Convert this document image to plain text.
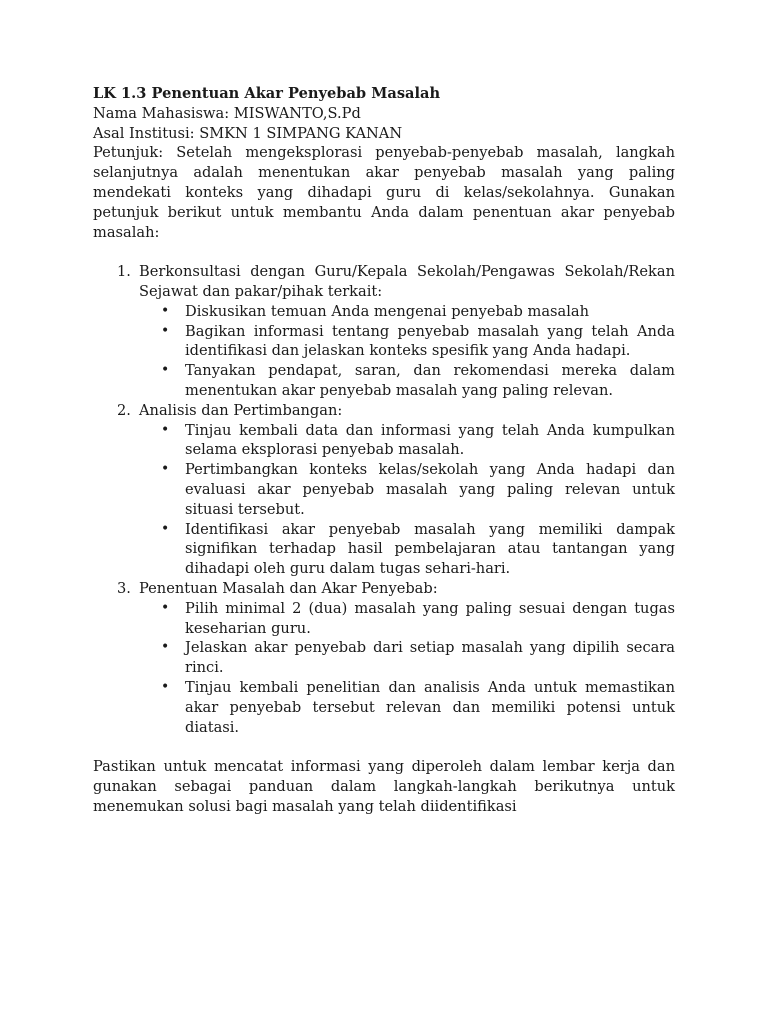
LK 1.3 Penentuan Akar Penyebab Masalah

Nama Mahasiswa: MISWANTO,S.Pd

Asal Institusi: SMKN 1 SIMPANG KANAN

Petunjuk: Setelah mengeksplorasi penyebab-penyebab masalah, langkah selanjutnya adalah menentukan akar penyebab masalah yang paling mendekati konteks yang dihadapi guru di kelas/sekolahnya. Gunakan petunjuk berikut untuk membantu Anda dalam penentuan akar penyebab masalah:

1. Berkonsultasi dengan Guru/Kepala Sekolah/Pengawas Sekolah/Rekan Sejawat dan pakar/pihak terkait:
• Diskusikan temuan Anda mengenai penyebab masalah
• Bagikan informasi tentang penyebab masalah yang telah Anda identifikasi dan jelaskan konteks spesifik yang Anda hadapi.
• Tanyakan pendapat, saran, dan rekomendasi mereka dalam menentukan akar penyebab masalah yang paling relevan.
2. Analisis dan Pertimbangan:
• Tinjau kembali data dan informasi yang telah Anda kumpulkan selama eksplorasi penyebab masalah.
• Pertimbangkan konteks kelas/sekolah yang Anda hadapi dan evaluasi akar penyebab masalah yang paling relevan untuk situasi tersebut.
• Identifikasi akar penyebab masalah yang memiliki dampak signifikan terhadap hasil pembelajaran atau tantangan yang dihadapi oleh guru dalam tugas sehari-hari.
3. Penentuan Masalah dan Akar Penyebab:
• Pilih minimal 2 (dua) masalah yang paling sesuai dengan tugas keseharian guru.
• Jelaskan akar penyebab dari setiap masalah yang dipilih secara rinci.
• Tinjau kembali penelitian dan analisis Anda untuk memastikan akar penyebab tersebut relevan dan memiliki potensi untuk diatasi.

Pastikan untuk mencatat informasi yang diperoleh dalam lembar kerja dan gunakan sebagai panduan dalam langkah-langkah berikutnya untuk menemukan solusi bagi masalah yang telah diidentifikasi
